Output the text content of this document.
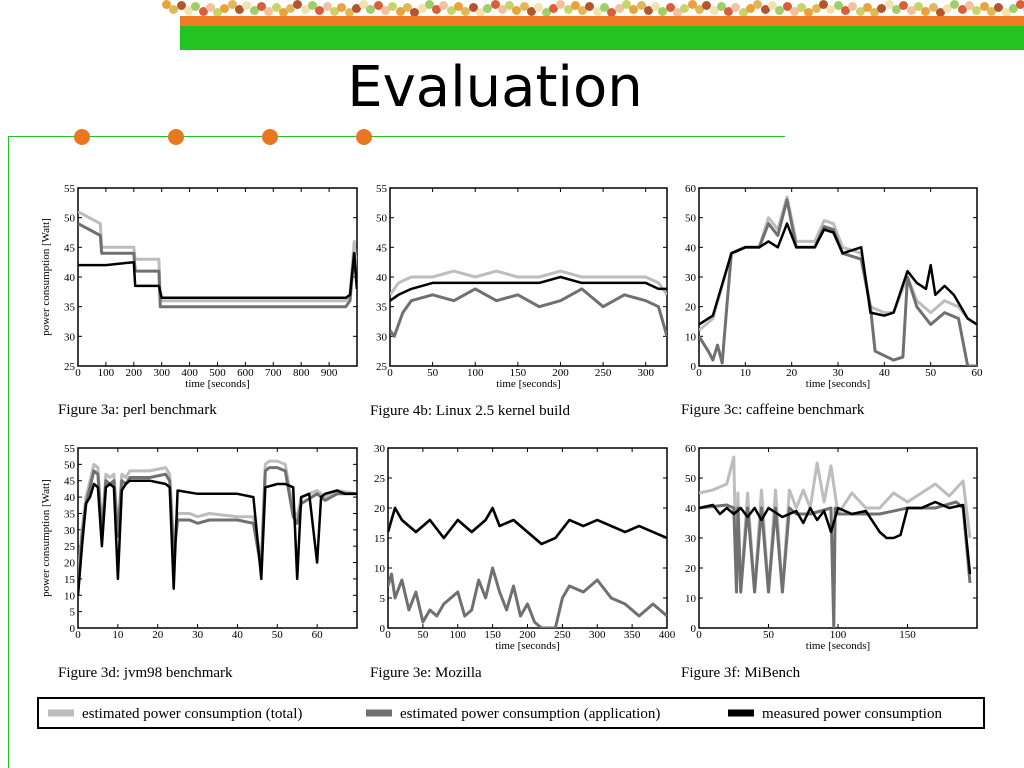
Evaluation
25
30
35
40
45
50
55
0 100 200 300 400 500 600 700 800 900
time [seconds]
power consumption [Watt]
Figure 3a: perl benchmark
25
30
35
40
45
50
55
0	50	100 150 200 250 300
time [seconds]
Figure 4b: Linux 2.5 kernel build
0
10
20
30
40
50
60
0	10	20	30	40	50	60
time [seconds]
Figure 3c: caffeine benchmark
0
5
10
15
20
25
30
35
40
45
50
55
0	10	20	30	40	50	60
power consumption [Watt]
Figure 3d: jvm98 benchmark
0
5
10
15
20
25
30
0 50 100 150 200 250 300 350 400
time [seconds]
Figure 3e: Mozilla
0
10
20
30
40
50
60
0	50	100	150
time [seconds]
Figure 3f: MiBench
estimated power consumption (total)	estimated power consumption (application)	measured power consumption
